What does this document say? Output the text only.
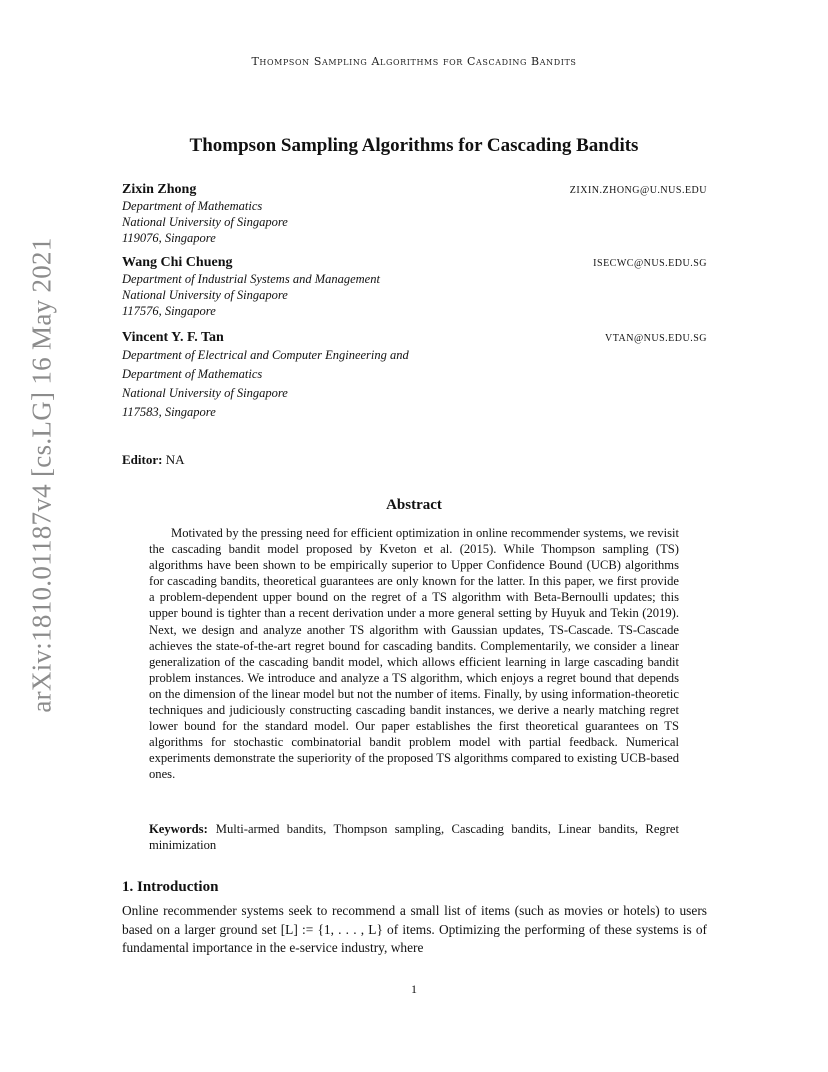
Thompson Sampling Algorithms for Cascading Bandits
Thompson Sampling Algorithms for Cascading Bandits
Zixin Zhong	ZIXIN.ZHONG@U.NUS.EDU
Department of Mathematics
National University of Singapore
119076, Singapore
Wang Chi Chueng	ISECWC@NUS.EDU.SG
Department of Industrial Systems and Management
National University of Singapore
117576, Singapore
Vincent Y. F. Tan	VTAN@NUS.EDU.SG
Department of Electrical and Computer Engineering and
Department of Mathematics
National University of Singapore
117583, Singapore
Editor: NA
Abstract
Motivated by the pressing need for efficient optimization in online recommender systems, we revisit the cascading bandit model proposed by Kveton et al. (2015). While Thompson sampling (TS) algorithms have been shown to be empirically superior to Upper Confidence Bound (UCB) algorithms for cascading bandits, theoretical guarantees are only known for the latter. In this paper, we first provide a problem-dependent upper bound on the regret of a TS algorithm with Beta-Bernoulli updates; this upper bound is tighter than a recent derivation under a more general setting by Huyuk and Tekin (2019). Next, we design and analyze another TS algorithm with Gaussian updates, TS-Cascade. TS-Cascade achieves the state-of-the-art regret bound for cascading bandits. Complementarily, we consider a linear generalization of the cascading bandit model, which allows efficient learning in large cascading bandit problem instances. We introduce and analyze a TS algorithm, which enjoys a regret bound that depends on the dimension of the linear model but not the number of items. Finally, by using information-theoretic techniques and judiciously constructing cascading bandit instances, we derive a nearly matching regret lower bound for the standard model. Our paper establishes the first theoretical guarantees on TS algorithms for stochastic combinatorial bandit problem model with partial feedback. Numerical experiments demonstrate the superiority of the proposed TS algorithms compared to existing UCB-based ones.
Keywords: Multi-armed bandits, Thompson sampling, Cascading bandits, Linear bandits, Regret minimization
1. Introduction
Online recommender systems seek to recommend a small list of items (such as movies or hotels) to users based on a larger ground set [L] := {1, . . . , L} of items. Optimizing the performing of these systems is of fundamental importance in the e-service industry, where
1
arXiv:1810.01187v4 [cs.LG] 16 May 2021
